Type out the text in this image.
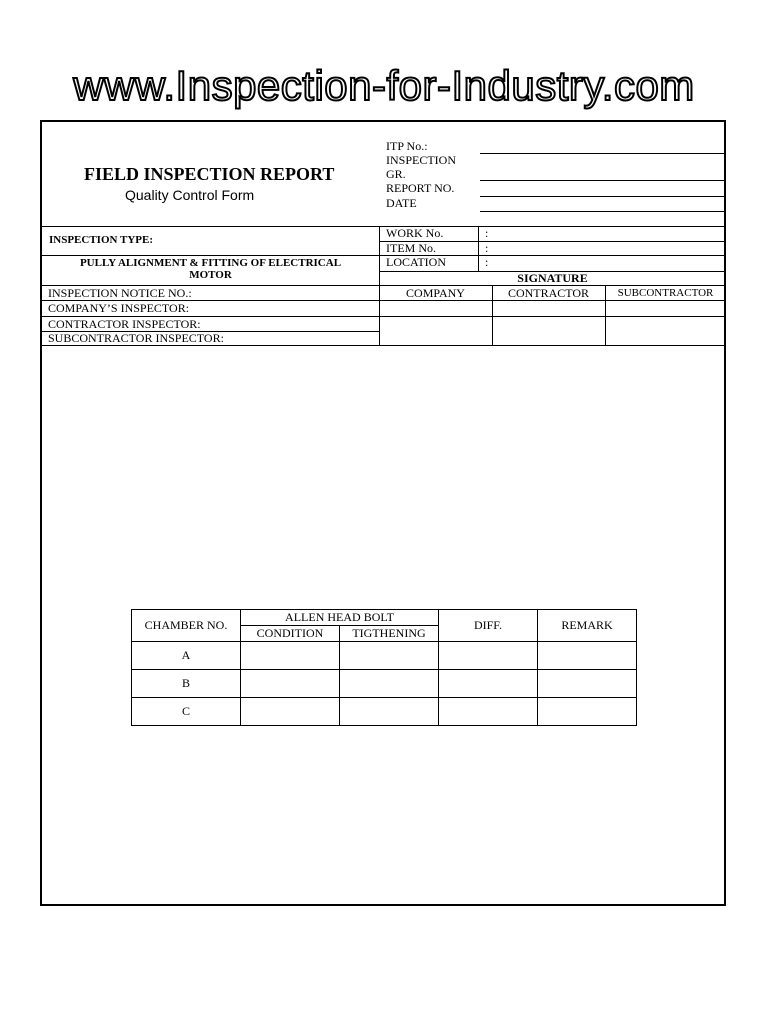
www.Inspection-for-Industry.com
FIELD INSPECTION REPORT
Quality Control Form
ITP No.:
INSPECTION
GR.
REPORT NO.
DATE
INSPECTION TYPE:
PULLY ALIGNMENT & FITTING OF ELECTRICAL
MOTOR
WORK No.	:
ITEM No.	:
LOCATION	:
SIGNATURE
COMPANY	CONTRACTOR	SUBCONTRACTOR
INSPECTION NOTICE NO.:
COMPANY’S INSPECTOR:
CONTRACTOR INSPECTOR:
SUBCONTRACTOR INSPECTOR:
CHAMBER NO.	ALLEN HEAD BOLT		DIFF.	REMARK
	CONDITION	TIGTHENING		
A				
B				
C				
